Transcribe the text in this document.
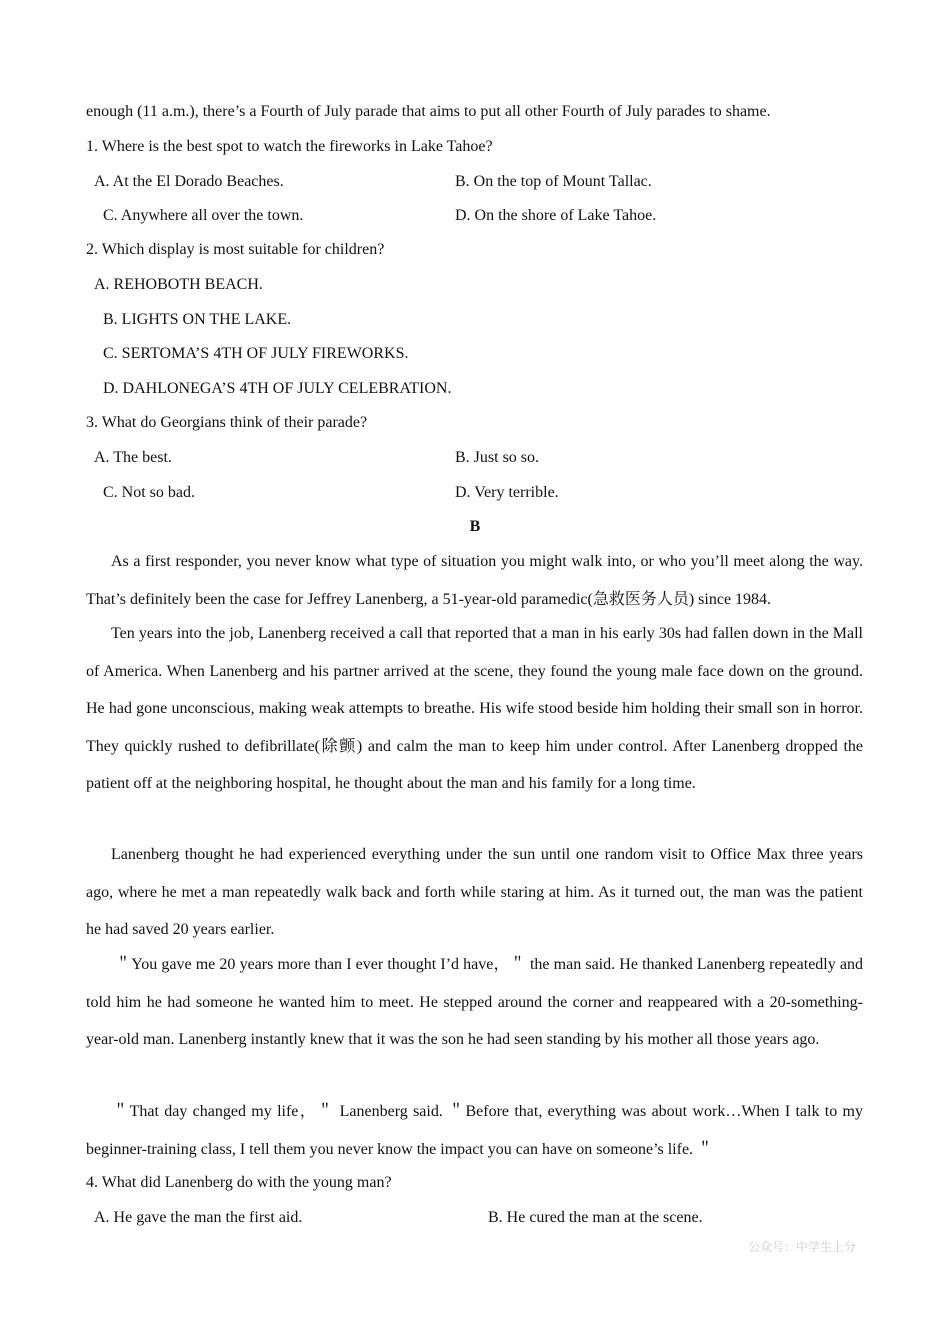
enough (11 a.m.), there’s a Fourth of July parade that aims to put all other Fourth of July parades to shame.
1. Where is the best spot to watch the fireworks in Lake Tahoe?
A. At the El Dorado Beaches.	B. On the top of Mount Tallac.
C. Anywhere all over the town.	D. On the shore of Lake Tahoe.
2. Which display is most suitable for children?
A. REHOBOTH BEACH.
B. LIGHTS ON THE LAKE.
C. SERTOMA’S 4TH OF JULY FIREWORKS.
D. DAHLONEGA’S 4TH OF JULY CELEBRATION.
3. What do Georgians think of their parade?
A. The best.	B. Just so so.
C. Not so bad.	D. Very terrible.
B

As a first responder, you never know what type of situation you might walk into, or who you’ll meet along the way. That’s definitely been the case for Jeffrey Lanenberg, a 51-year-old paramedic(急救医务人员) since 1984.

Ten years into the job, Lanenberg received a call that reported that a man in his early 30s had fallen down in the Mall of America. When Lanenberg and his partner arrived at the scene, they found the young male face down on the ground. He had gone unconscious, making weak attempts to breathe. His wife stood beside him holding their small son in horror. They quickly rushed to defibrillate(除颤) and calm the man to keep him under control. After Lanenberg dropped the patient off at the neighboring hospital, he thought about the man and his family for a long time.

Lanenberg thought he had experienced everything under the sun until one random visit to Office Max three years ago, where he met a man repeatedly walk back and forth while staring at him. As it turned out, the man was the patient he had saved 20 years earlier.

＂You gave me 20 years more than I ever thought I’d have，＂ the man said. He thanked Lanenberg repeatedly and told him he had someone he wanted him to meet. He stepped around the corner and reappeared with a 20-something-year-old man. Lanenberg instantly knew that it was the son he had seen standing by his mother all those years ago.

＂That day changed my life，＂ Lanenberg said. ＂Before that, everything was about work…When I talk to my beginner-training class, I tell them you never know the impact you can have on someone’s life. ＂

4. What did Lanenberg do with the young man?
A. He gave the man the first aid.	B. He cured the man at the scene.
公众号：中学生上分
